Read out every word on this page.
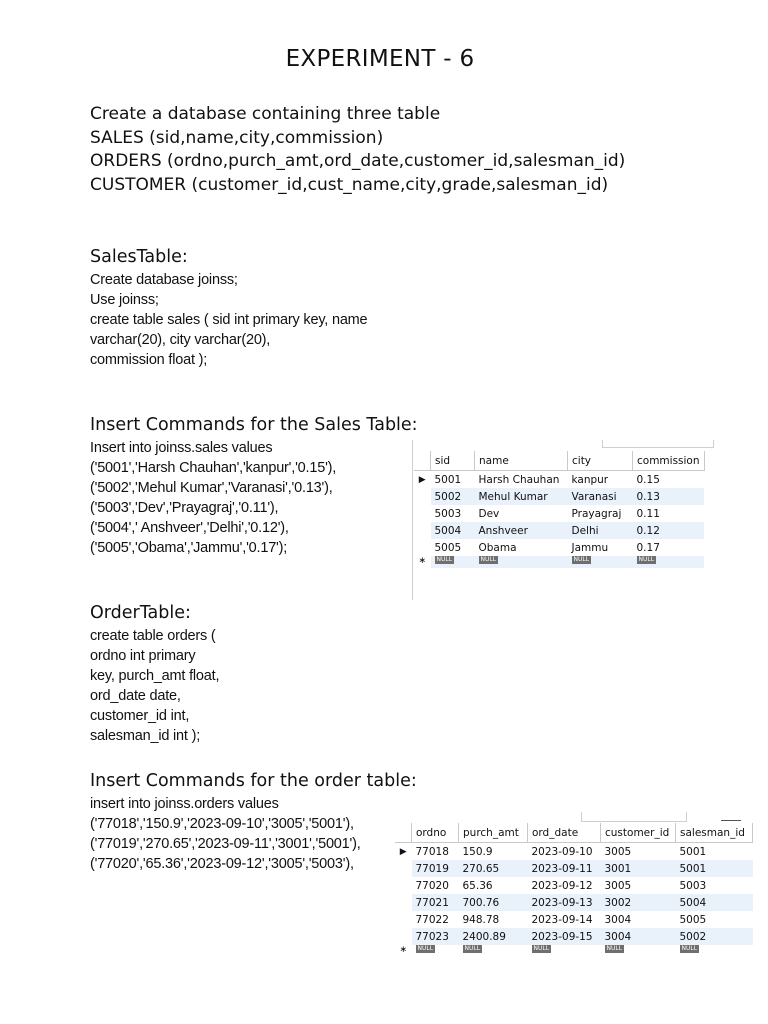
EXPERIMENT - 6
Create a database containing three table
SALES (sid,name,city,commission)
ORDERS (ordno,purch_amt,ord_date,customer_id,salesman_id)
CUSTOMER (customer_id,cust_name,city,grade,salesman_id)
SalesTable:
Create database joinss;
Use joinss;
create table sales ( sid int primary key, name
varchar(20), city varchar(20),
commission float );
Insert Commands for the Sales Table:
Insert into joinss.sales values
('5001','Harsh Chauhan','kanpur','0.15'),
('5002','Mehul Kumar','Varanasi','0.13'),
('5003','Dev','Prayagraj','0.11'),
('5004',' Anshveer','Delhi','0.12'),
('5005','Obama','Jammu','0.17');
	sid	name	city	commission
▶	5001	Harsh Chauhan	kanpur	0.15
	5002	Mehul Kumar	Varanasi	0.13
	5003	Dev	Prayagraj	0.11
	5004	Anshveer	Delhi	0.12
	5005	Obama	Jammu	0.17
∗	NULL	NULL	NULL	NULL
OrderTable:
create table orders (
ordno int primary
key, purch_amt float,
ord_date date,
customer_id int,
salesman_id int );
Insert Commands for the order table:
insert into joinss.orders values
('77018','150.9','2023-09-10','3005','5001'),
('77019','270.65','2023-09-11','3001','5001'),
('77020','65.36','2023-09-12','3005','5003'),
	ordno	purch_amt	ord_date	customer_id	salesman_id
▶	77018	150.9	2023-09-10	3005	5001
	77019	270.65	2023-09-11	3001	5001
	77020	65.36	2023-09-12	3005	5003
	77021	700.76	2023-09-13	3002	5004
	77022	948.78	2023-09-14	3004	5005
	77023	2400.89	2023-09-15	3004	5002
∗	NULL	NULL	NULL	NULL	NULL
